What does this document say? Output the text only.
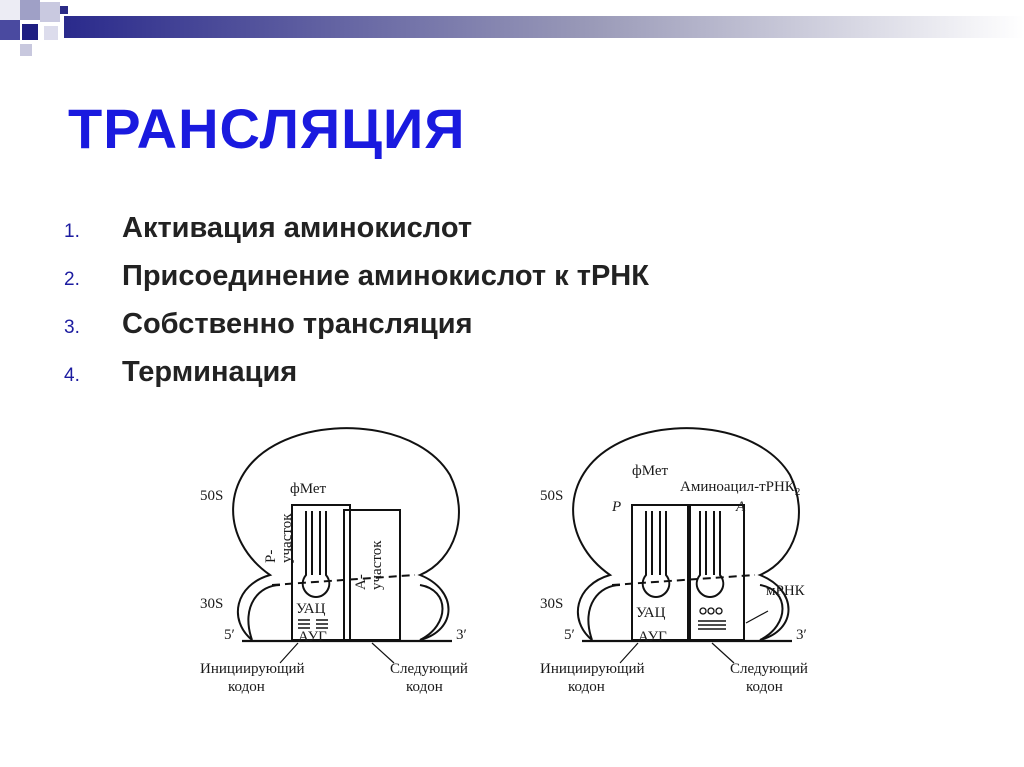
ТРАНСЛЯЦИЯ
1.	Активация аминокислот
2.	Присоединение аминокислот к тРНК
3.	Собственно трансляция
4.	Терминация
50S
30S
фМет
P- участок
A- участок
УАЦ
АУГ
5′	3′
Инициирующий кодон
Следующий кодон
50S
30S
фМет
Аминоацил-тРНК$_2$
P	A
УАЦ
АУГ
мРНК
5′	3′
Инициирующий кодон
Следующий кодон
